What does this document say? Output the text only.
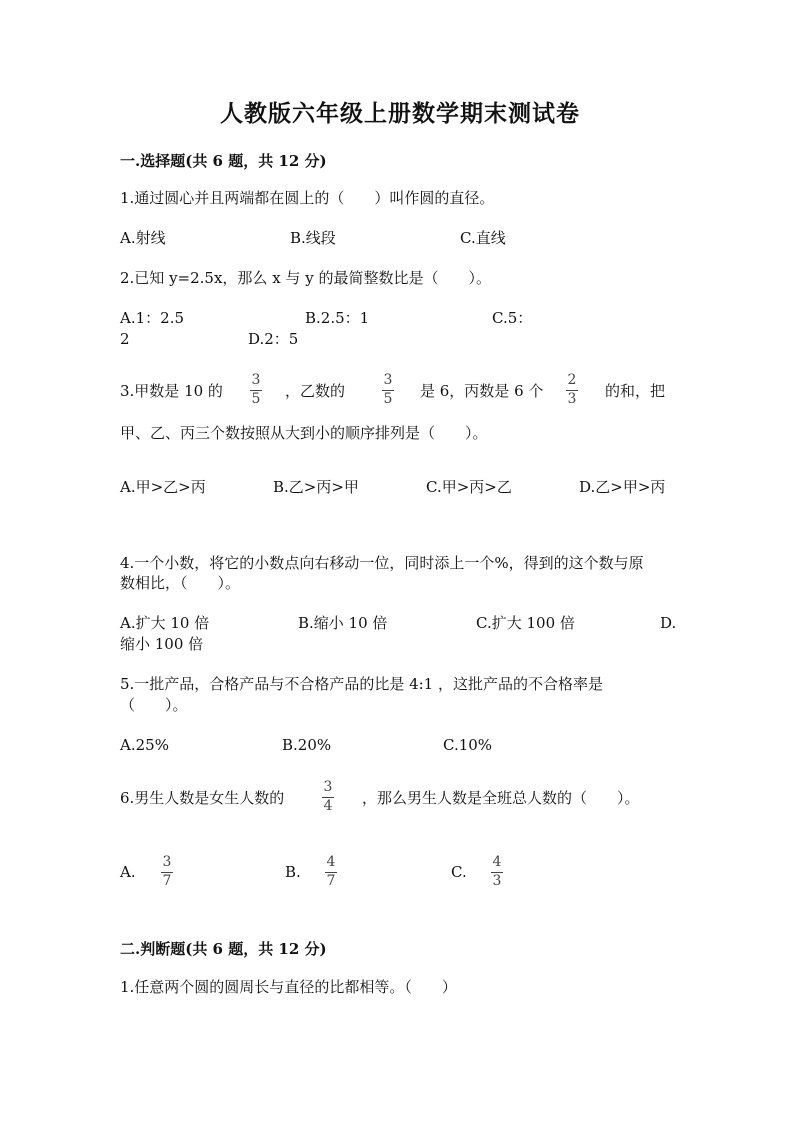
人教版六年级上册数学期末测试卷
一.选择题(共 6 题，共 12 分)
1.通过圆心并且两端都在圆上的（　　）叫作圆的直径。
A.射线	B.线段	C.直线
2.已知 y=2.5x，那么 x 与 y 的最简整数比是（　　）。
A.1：2.5	B.2.5：1	C.5：
2	D.2：5
3.甲数是 10 的
3
5 ，乙数的
3
5 是 6，丙数是 6 个
2
3 的和，把
甲、乙、丙三个数按照从大到小的顺序排列是（　　）。
A.甲>乙>丙	B.乙>丙>甲	C.甲>丙>乙	D.乙>甲>丙
4.一个小数，将它的小数点向右移动一位，同时添上一个%，得到的这个数与原
数相比，（　　）。
A.扩大 10 倍	B.缩小 10 倍	C.扩大 100 倍	D.
缩小 100 倍
5.一批产品，合格产品与不合格产品的比是 4:1 ，这批产品的不合格率是
（　　）。
A.25%	B.20%	C.10%
6.男生人数是女生人数的
3
4 ，那么男生人数是全班总人数的（　　）。
A.
3
7	B.
4
7	C.
4
3
二.判断题(共 6 题，共 12 分)
1.任意两个圆的圆周长与直径的比都相等。（　　）
